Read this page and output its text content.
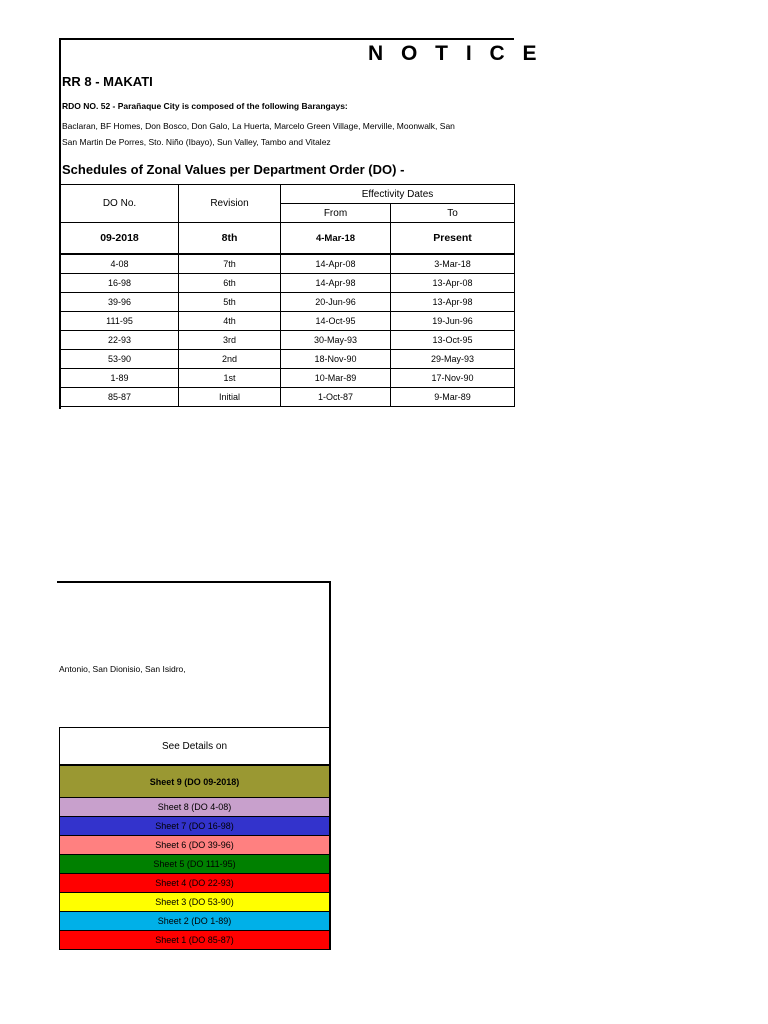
N O T I C E
RR 8 - MAKATI
RDO NO. 52 - Parañaque City is composed of the following Barangays:
Baclaran, BF Homes, Don Bosco, Don Galo, La Huerta, Marcelo Green Village, Merville, Moonwalk, San
San Martin De Porres, Sto. Niño (Ibayo), Sun Valley, Tambo and Vitalez
Schedules of Zonal Values per Department Order (DO) -
DO No.	Revision	Effectivity Dates	
		From	To
09-2018	8th	4-Mar-18	Present
4-08	7th	14-Apr-08	3-Mar-18
16-98	6th	14-Apr-98	13-Apr-08
39-96	5th	20-Jun-96	13-Apr-98
111-95	4th	14-Oct-95	19-Jun-96
22-93	3rd	30-May-93	13-Oct-95
53-90	2nd	18-Nov-90	29-May-93
1-89	1st	10-Mar-89	17-Nov-90
85-87	Initial	1-Oct-87	9-Mar-89
Antonio, San Dionisio, San Isidro,
See Details on
Sheet 9 (DO 09-2018)
Sheet 8 (DO 4-08)
Sheet 7 (DO 16-98)
Sheet 6 (DO 39-96)
Sheet 5 (DO 111-95)
Sheet 4 (DO 22-93)
Sheet 3 (DO 53-90)
Sheet 2 (DO 1-89)
Sheet 1 (DO 85-87)
